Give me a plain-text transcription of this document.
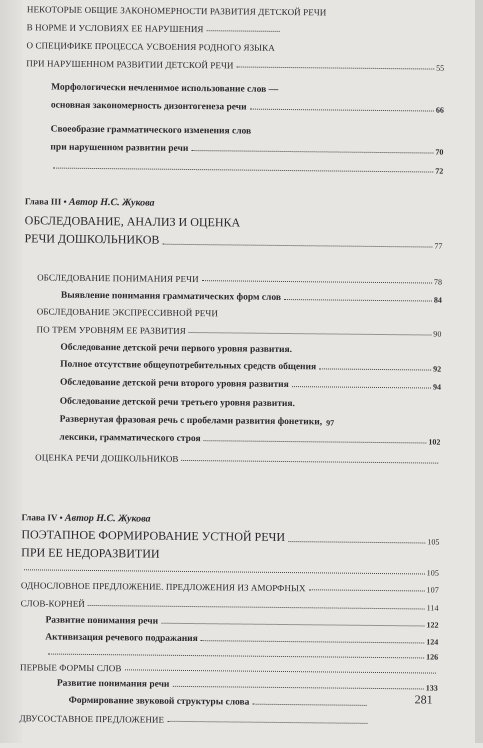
НЕКОТОРЫЕ ОБЩИЕ ЗАКОНОМЕРНОСТИ РАЗВИТИЯ ДЕТСКОЙ РЕЧИ
В НОРМЕ И УСЛОВИЯХ ЕЕ НАРУШЕНИЯ
О СПЕЦИФИКЕ ПРОЦЕССА УСВОЕНИЯ РОДНОГО ЯЗЫКА
ПРИ НАРУШЕННОМ РАЗВИТИИ ДЕТСКОЙ РЕЧИ	55
Морфологически нечленимое использование слов —
основная закономерность дизонтогенеза речи	66
Своеобразие грамматического изменения слов
при нарушенном развитии речи	70
72
Глава III • Автор Н.С. Жукова
ОБСЛЕДОВАНИЕ, АНАЛИЗ И ОЦЕНКА
РЕЧИ ДОШКОЛЬНИКОВ	77
ОБСЛЕДОВАНИЕ ПОНИМАНИЯ РЕЧИ	78
Выявление понимания грамматических форм слов	84
ОБСЛЕДОВАНИЕ ЭКСПРЕССИВНОЙ РЕЧИ
ПО ТРЕМ УРОВНЯМ ЕЕ РАЗВИТИЯ	90
Обследование детской речи первого уровня развития.
Полное отсутствие общеупотребительных средств общения	92
Обследование детской речи второго уровня развития	94
Обследование детской речи третьего уровня развития.
Развернутая фразовая речь с пробелами развития фонетики, 97
лексики, грамматического строя	102
ОЦЕНКА РЕЧИ ДОШКОЛЬНИКОВ
Глава IV • Автор Н.С. Жукова
ПОЭТАПНОЕ ФОРМИРОВАНИЕ УСТНОЙ РЕЧИ	105
ПРИ ЕЕ НЕДОРАЗВИТИИ
105
ОДНОСЛОВНОЕ ПРЕДЛОЖЕНИЕ. ПРЕДЛОЖЕНИЯ ИЗ АМОРФНЫХ	107
СЛОВ-КОРНЕЙ	114
Развитие понимания речи	122
Активизация речевого подражания	124
126
ПЕРВЫЕ ФОРМЫ СЛОВ
Развитие понимания речи	133
Формирование звуковой структуры слова
ДВУСОСТАВНОЕ ПРЕДЛОЖЕНИЕ
281
